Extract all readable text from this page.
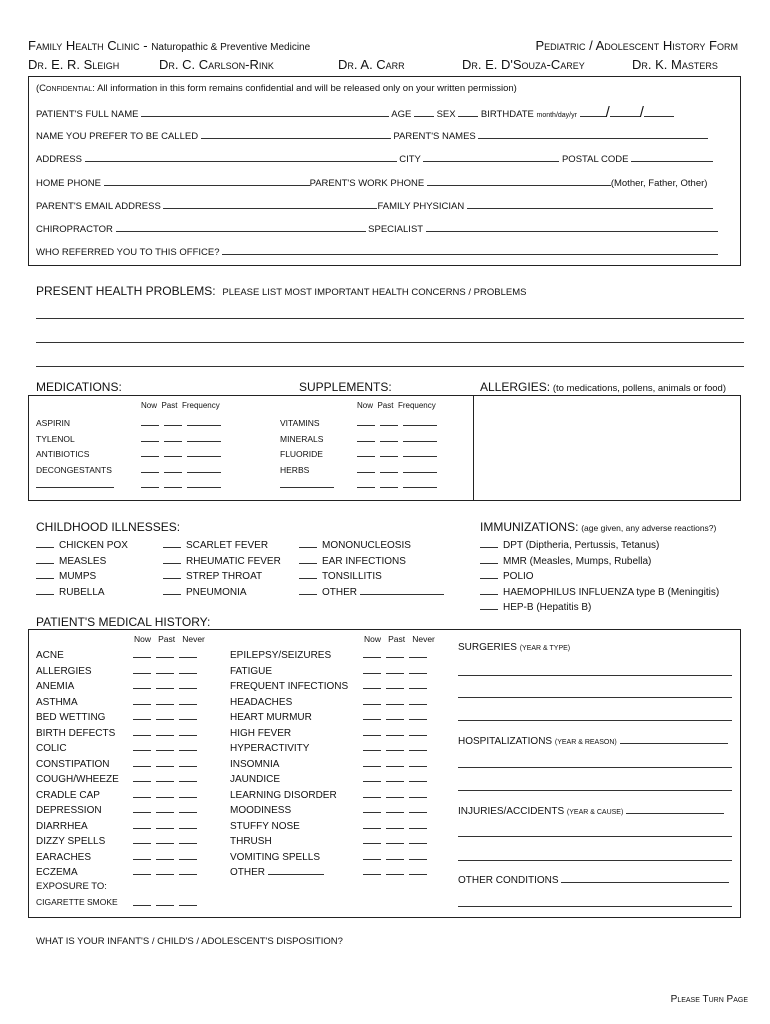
Family Health Clinic - Naturopathic & Preventive Medicine	Pediatric / Adolescent History Form
Dr. E. R. Sleigh	Dr. C. Carlson-Rink	Dr. A. Carr	Dr. E. D'Souza-Carey	Dr. K. Masters
(Confidential: All information in this form remains confidential and will be released only on your written permission)
PATIENT'S FULL NAME	AGE	SEX	BIRTHDATE month/day/yr / /
NAME YOU PREFER TO BE CALLED	PARENT'S NAMES
ADDRESS	CITY	POSTAL CODE
HOME PHONE	PARENT'S WORK PHONE	(Mother, Father, Other)
PARENT'S EMAIL ADDRESS	FAMILY PHYSICIAN
CHIROPRACTOR	SPECIALIST
WHO REFERRED YOU TO THIS OFFICE?
PRESENT HEALTH PROBLEMS: PLEASE LIST MOST IMPORTANT HEALTH CONCERNS / PROBLEMS
MEDICATIONS:	SUPPLEMENTS:	ALLERGIES: (to medications, pollens, animals or food)
Now Past Frequency	Now Past Frequency
ASPIRIN
TYLENOL
ANTIBIOTICS
DECONGESTANTS
VITAMINS
MINERALS
FLUORIDE
HERBS
CHILDHOOD ILLNESSES:
CHICKEN POX
MEASLES
MUMPS
RUBELLA
SCARLET FEVER
RHEUMATIC FEVER
STREP THROAT
PNEUMONIA
MONONUCLEOSIS
EAR INFECTIONS
TONSILLITIS
OTHER
IMMUNIZATIONS: (age given, any adverse reactions?)
DPT (Diptheria, Pertussis, Tetanus)
MMR (Measles, Mumps, Rubella)
POLIO
HAEMOPHILUS INFLUENZA type B (Meningitis)
HEP-B (Hepatitis B)
PATIENT'S MEDICAL HISTORY:
Now Past Never	Now Past Never
ACNE
ALLERGIES
ANEMIA
ASTHMA
BED WETTING
BIRTH DEFECTS
COLIC
CONSTIPATION
COUGH/WHEEZE
CRADLE CAP
DEPRESSION
DIARRHEA
DIZZY SPELLS
EARACHES
ECZEMA
EPILEPSY/SEIZURES
FATIGUE
FREQUENT INFECTIONS
HEADACHES
HEART MURMUR
HIGH FEVER
HYPERACTIVITY
INSOMNIA
JAUNDICE
LEARNING DISORDER
MOODINESS
STUFFY NOSE
THRUSH
VOMITING SPELLS
OTHER
EXPOSURE TO:
CIGARETTE SMOKE
SURGERIES (YEAR & TYPE)
HOSPITALIZATIONS (YEAR & REASON)
INJURIES/ACCIDENTS (YEAR & CAUSE)
OTHER CONDITIONS
WHAT IS YOUR INFANT'S / CHILD'S / ADOLESCENT'S DISPOSITION?
Please Turn Page
